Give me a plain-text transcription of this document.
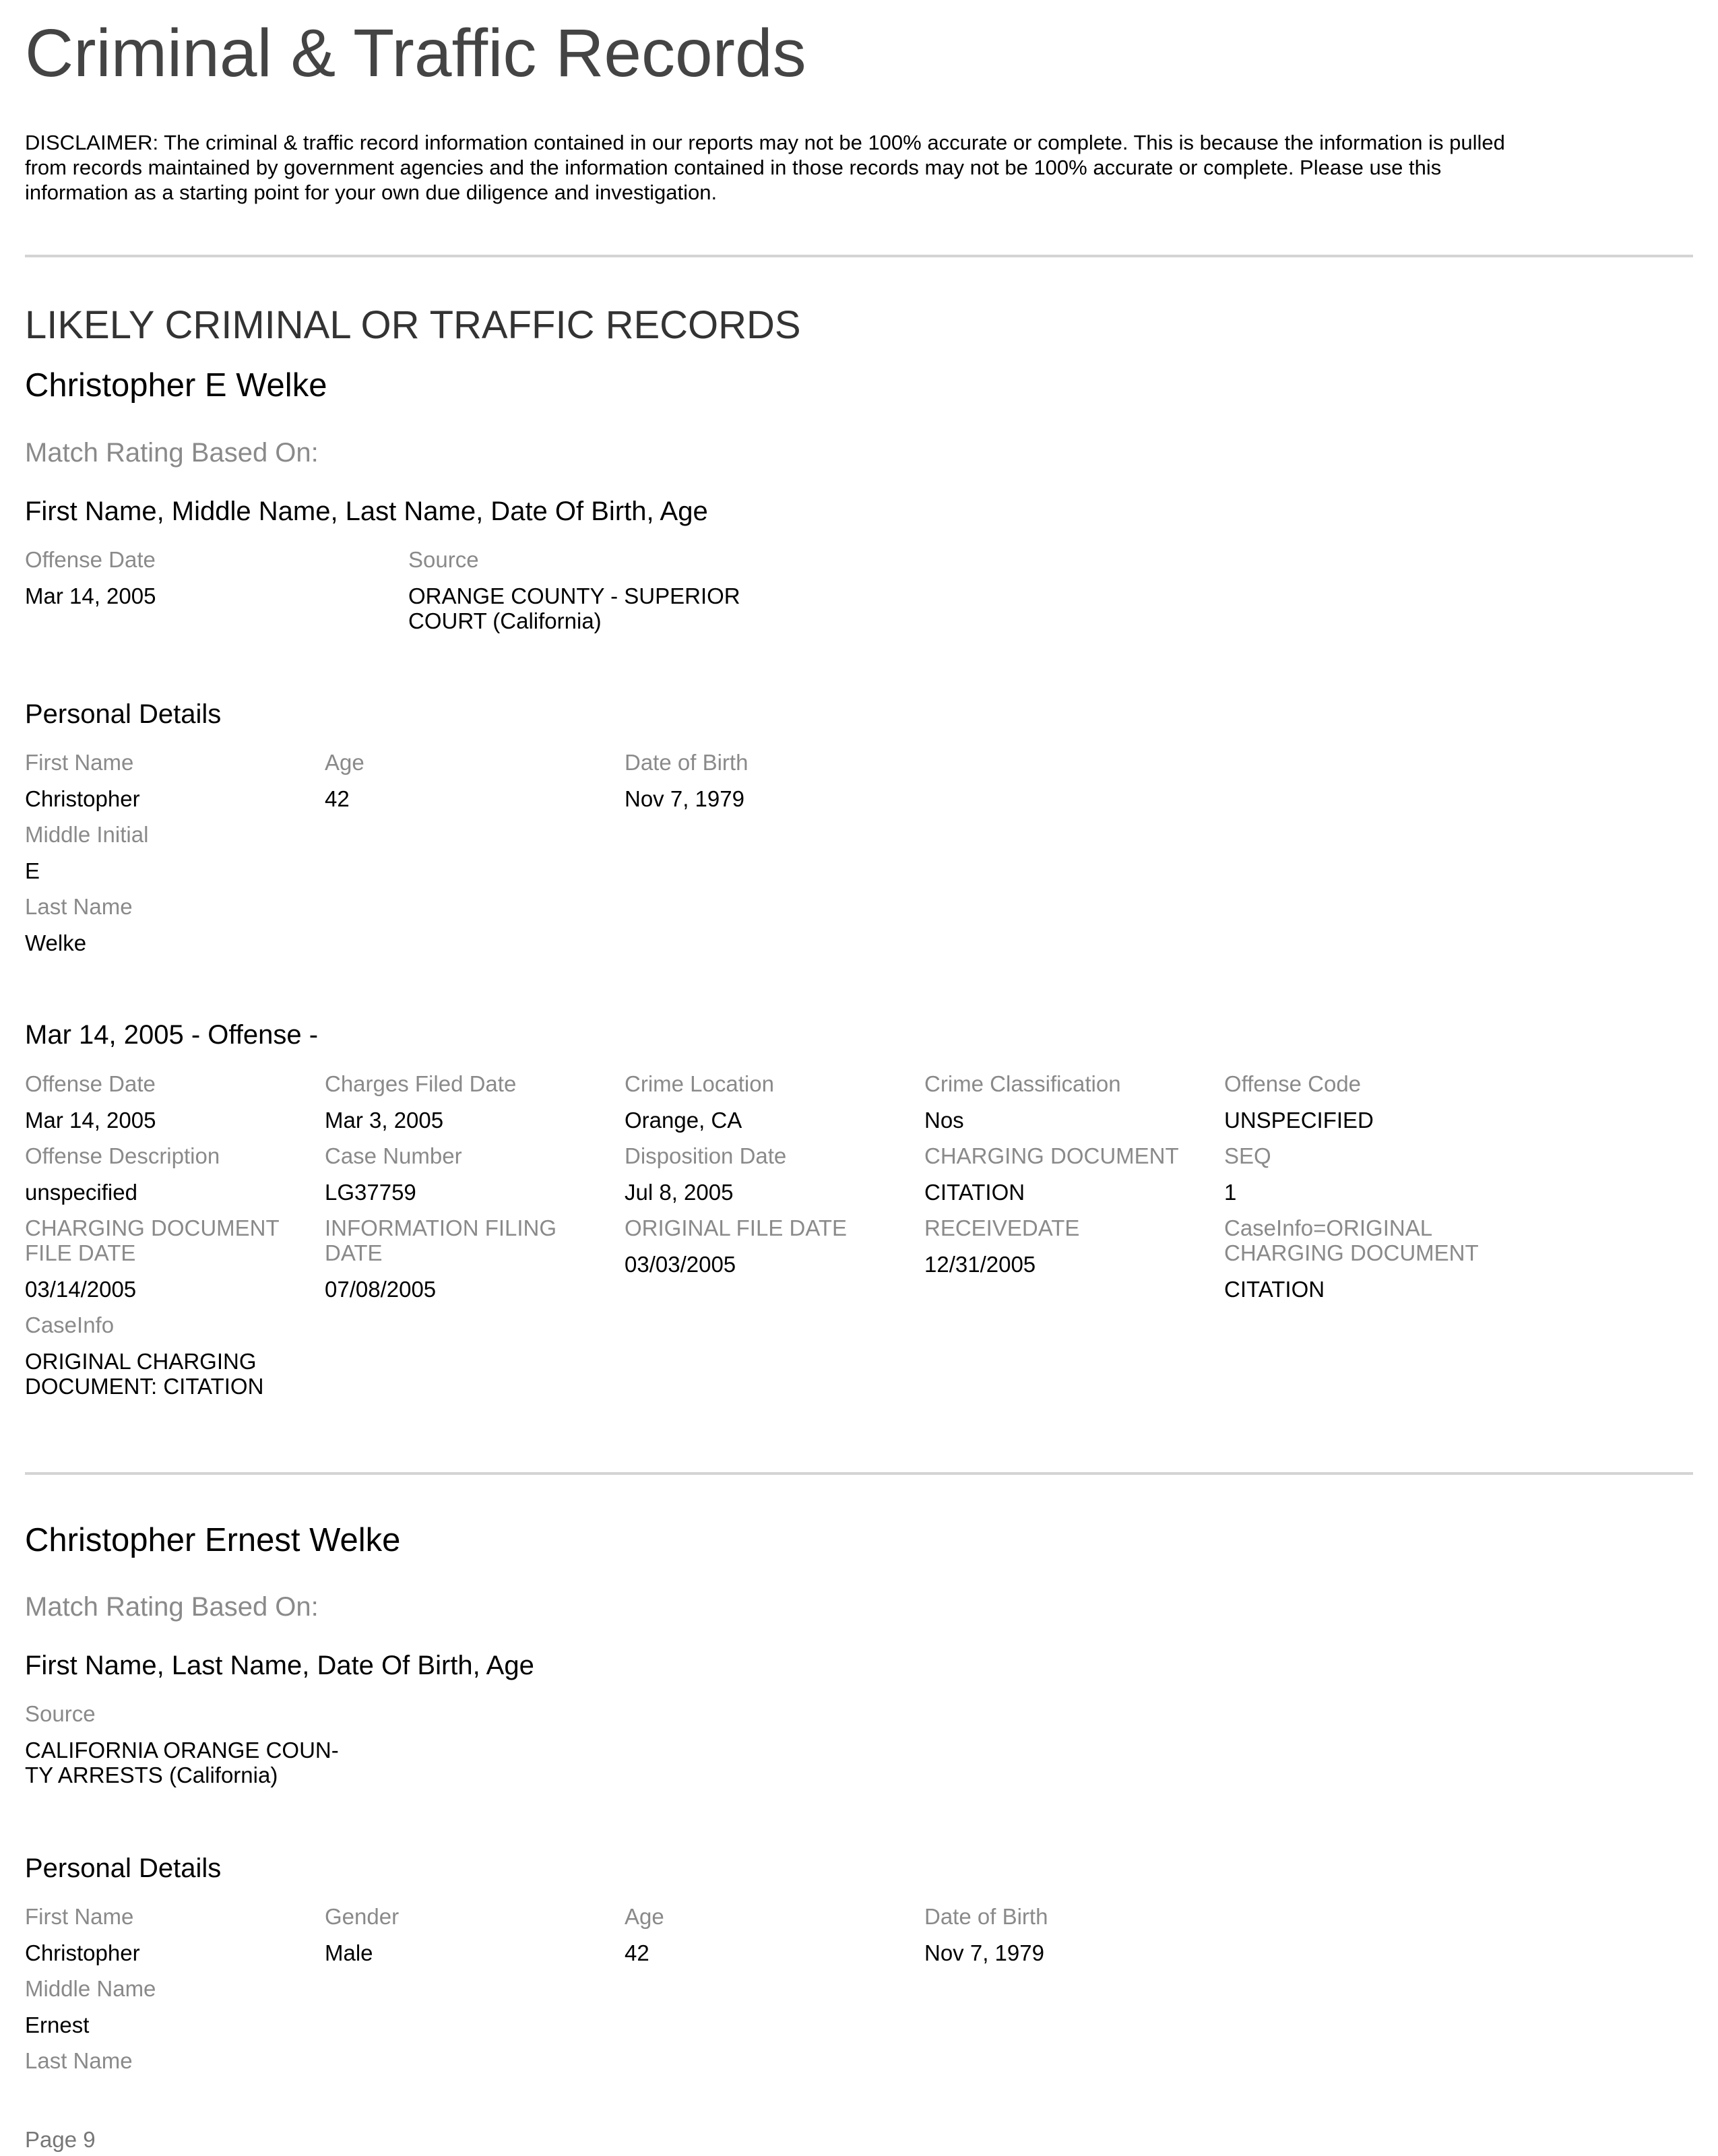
Criminal & Traffic Records
DISCLAIMER: The criminal & traffic record information contained in our reports may not be 100% accurate or complete. This is because the information is pulled
from records maintained by government agencies and the information contained in those records may not be 100% accurate or complete. Please use this
information as a starting point for your own due diligence and investigation.
LIKELY CRIMINAL OR TRAFFIC RECORDS
Christopher E Welke
Match Rating Based On:
First Name, Middle Name, Last Name, Date Of Birth, Age
Offense Date
Mar 14, 2005
Source
ORANGE COUNTY - SUPERIOR
COURT (California)
Personal Details
First Name
Christopher
Age
42
Date of Birth
Nov 7, 1979
Middle Initial
E
Last Name
Welke
Mar 14, 2005 - Offense -
Offense Date
Mar 14, 2005
Charges Filed Date
Mar 3, 2005
Crime Location
Orange, CA
Crime Classification
Nos
Offense Code
UNSPECIFIED
Offense Description
unspecified
Case Number
LG37759
Disposition Date
Jul 8, 2005
CHARGING DOCUMENT
CITATION
SEQ
1
CHARGING DOCUMENT
FILE DATE
03/14/2005
INFORMATION FILING
DATE
07/08/2005
ORIGINAL FILE DATE
03/03/2005
RECEIVEDATE
12/31/2005
CaseInfo=ORIGINAL
CHARGING DOCUMENT
CITATION
CaseInfo
ORIGINAL CHARGING
DOCUMENT: CITATION
Christopher Ernest Welke
Match Rating Based On:
First Name, Last Name, Date Of Birth, Age
Source
CALIFORNIA ORANGE COUN-
TY ARRESTS (California)
Personal Details
First Name
Christopher
Gender
Male
Age
42
Date of Birth
Nov 7, 1979
Middle Name
Ernest
Last Name
Page 9
